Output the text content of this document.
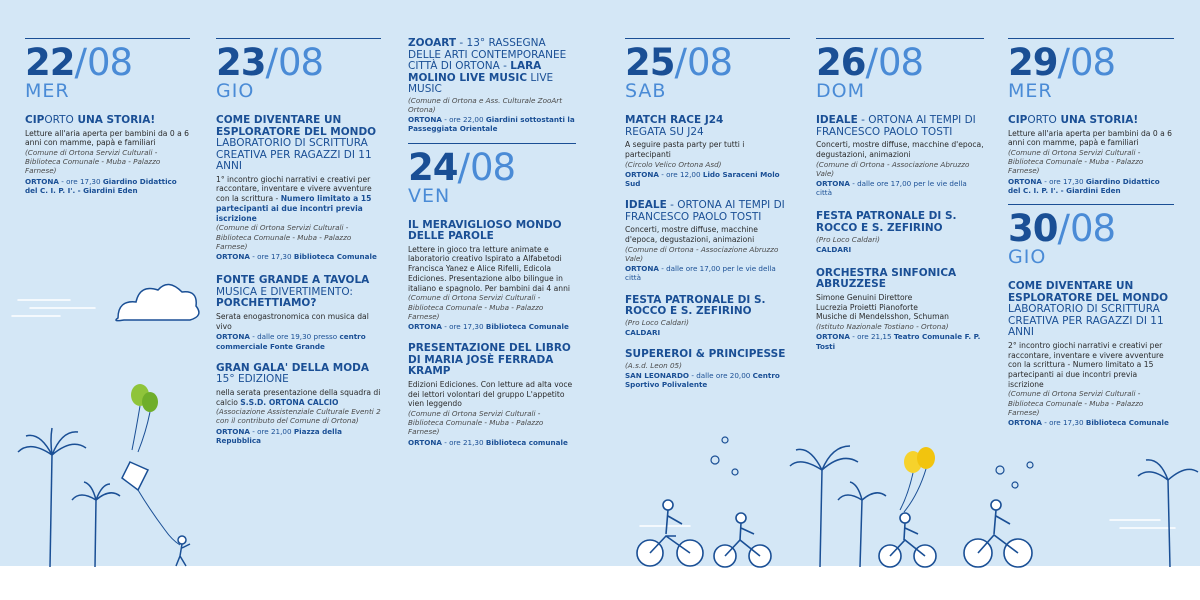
22/08
MER
CIPORTO UNA STORIA!
Letture all'aria aperta per bambini da 0 a 6 anni con mamme, papà e familiari
(Comune di Ortona Servizi Culturali - Biblioteca Comunale - Muba - Palazzo Farnese)
ORTONA - ore 17,30 Giardino Didattico del C. I. P. I'. - Giardini Eden
23/08
GIO
COME DIVENTARE UN ESPLORATORE DEL MONDO LABORATORIO DI SCRITTURA CREATIVA PER RAGAZZI DI 11 ANNI
1° incontro giochi narrativi e creativi per raccontare, inventare e vivere avventure con la scrittura - Numero limitato a 15 partecipanti ai due incontri previa iscrizione
(Comune di Ortona Servizi Culturali - Biblioteca Comunale - Muba - Palazzo Farnese)
ORTONA - ore 17,30 Biblioteca Comunale
FONTE GRANDE A TAVOLA MUSICA E DIVERTIMENTO: PORCHETTIAMO?
Serata enogastronomica con musica dal vivo
ORTONA - dalle ore 19,30 presso centro commerciale Fonte Grande
GRAN GALA' DELLA MODA
15° EDIZIONE
nella serata presentazione della squadra di calcio S.S.D. ORTONA CALCIO
(Associazione Assistenziale Culturale Eventi 2 con il contributo del Comune di Ortona)
ORTONA - ore 21,00 Piazza della Repubblica
ZOOART - 13° RASSEGNA DELLE ARTI CONTEMPORANEE CITTÀ DI ORTONA - LARA MOLINO LIVE MUSIC LIVE MUSIC
(Comune di Ortona e Ass. Culturale ZooArt Ortona)
ORTONA - ore 22,00 Giardini sottostanti la Passeggiata Orientale
24/08
VEN
IL MERAVIGLIOSO MONDO DELLE PAROLE
Lettere in gioco tra letture animate e laboratorio creativo Ispirato a Alfabetodi Francisca Yanez e Alice Rifelli, Edicola Ediciones. Presentazione albo bilingue in italiano e spagnolo. Per bambini dai 4 anni
(Comune di Ortona Servizi Culturali - Biblioteca Comunale - Muba - Palazzo Farnese)
ORTONA - ore 17,30 Biblioteca Comunale
PRESENTAZIONE DEL LIBRO DI MARIA JOSÈ FERRADA KRAMP
Edizioni Ediciones. Con letture ad alta voce dei lettori volontari del gruppo L'appetito vien leggendo
(Comune di Ortona Servizi Culturali - Biblioteca Comunale - Muba - Palazzo Farnese)
ORTONA - ore 21,30 Biblioteca comunale
25/08
SAB
MATCH RACE J24
REGATA SU J24
A seguire pasta party per tutti i partecipanti
(Circolo Velico Ortona Asd)
ORTONA - ore 12,00 Lido Saraceni Molo Sud
IDEALE - ORTONA AI TEMPI DI FRANCESCO PAOLO TOSTI
Concerti, mostre diffuse, macchine d'epoca, degustazioni, animazioni
(Comune di Ortona - Associazione Abruzzo Vale)
ORTONA - dalle ore 17,00 per le vie della città
FESTA PATRONALE DI S. ROCCO E S. ZEFIRINO
(Pro Loco Caldari)
CALDARI
SUPEREROI & PRINCIPESSE
(A.s.d. Leon 05)
SAN LEONARDO - dalle ore 20,00 Centro Sportivo Polivalente
26/08
DOM
IDEALE - ORTONA AI TEMPI DI FRANCESCO PAOLO TOSTI
Concerti, mostre diffuse, macchine d'epoca, degustazioni, animazioni
(Comune di Ortona - Associazione Abruzzo Vale)
ORTONA - dalle ore 17,00 per le vie della città
FESTA PATRONALE DI S. ROCCO E S. ZEFIRINO
(Pro Loco Caldari)
CALDARI
ORCHESTRA SINFONICA ABRUZZESE
Simone Genuini Direttore
Lucrezia Proietti Pianoforte
Musiche di Mendelsshon, Schuman
(Istituto Nazionale Tostiano - Ortona)
ORTONA - ore 21,15 Teatro Comunale F. P. Tosti
29/08
MER
CIPORTO UNA STORIA!
Letture all'aria aperta per bambini da 0 a 6 anni con mamme, papà e familiari
(Comune di Ortona Servizi Culturali - Biblioteca Comunale - Muba - Palazzo Farnese)
ORTONA - ore 17,30 Giardino Didattico del C. I. P. I'. - Giardini Eden
30/08
GIO
COME DIVENTARE UN ESPLORATORE DEL MONDO LABORATORIO DI SCRITTURA CREATIVA PER RAGAZZI DI 11 ANNI
2° incontro giochi narrativi e creativi per raccontare, inventare e vivere avventure con la scrittura - Numero limitato a 15 partecipanti ai due incontri previa iscrizione
(Comune di Ortona Servizi Culturali - Biblioteca Comunale - Muba - Palazzo Farnese)
ORTONA - ore 17,30 Biblioteca Comunale
